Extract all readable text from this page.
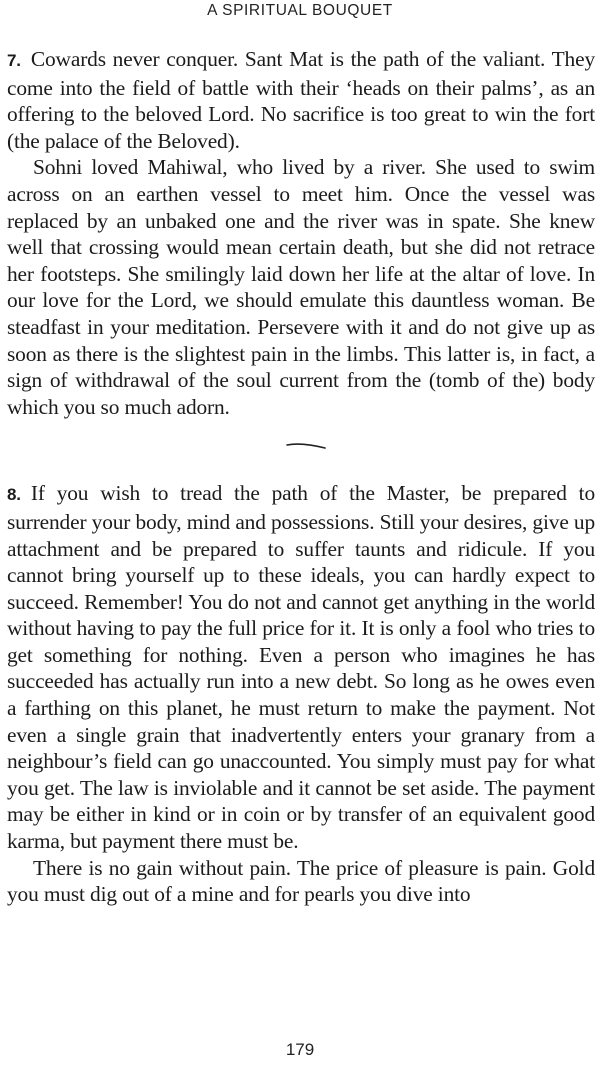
A SPIRITUAL BOUQUET

7. Cowards never conquer. Sant Mat is the path of the valiant. They come into the field of battle with their ‘heads on their palms’, as an offering to the beloved Lord. No sacrifice is too great to win the fort (the palace of the Beloved).

Sohni loved Mahiwal, who lived by a river. She used to swim across on an earthen vessel to meet him. Once the vessel was replaced by an unbaked one and the river was in spate. She knew well that crossing would mean certain death, but she did not retrace her footsteps. She smilingly laid down her life at the altar of love. In our love for the Lord, we should emulate this dauntless woman. Be steadfast in your meditation. Persevere with it and do not give up as soon as there is the slightest pain in the limbs. This latter is, in fact, a sign of withdrawal of the soul current from the (tomb of the) body which you so much adorn.

8. If you wish to tread the path of the Master, be prepared to surrender your body, mind and possessions. Still your desires, give up attachment and be prepared to suffer taunts and ridicule. If you cannot bring yourself up to these ideals, you can hardly expect to succeed. Remember! You do not and cannot get anything in the world without having to pay the full price for it. It is only a fool who tries to get something for nothing. Even a person who imagines he has succeeded has actually run into a new debt. So long as he owes even a farthing on this planet, he must return to make the payment. Not even a single grain that inadvertently enters your granary from a neighbour’s field can go unaccounted. You simply must pay for what you get. The law is inviolable and it cannot be set aside. The payment may be either in kind or in coin or by transfer of an equivalent good karma, but payment there must be.

There is no gain without pain. The price of pleasure is pain. Gold you must dig out of a mine and for pearls you dive into

179
